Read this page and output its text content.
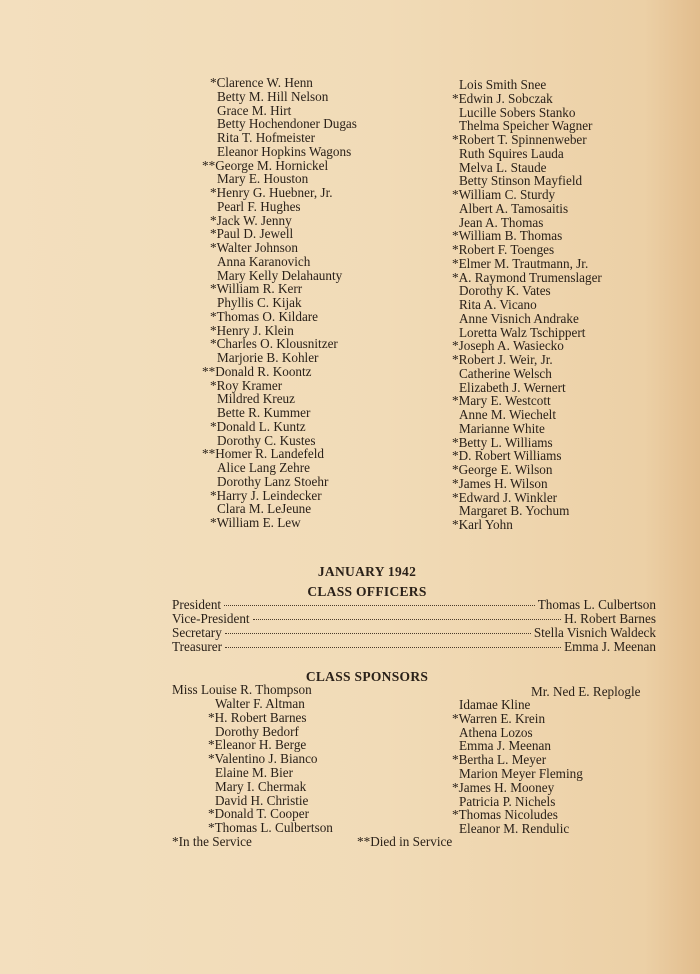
*Clarence W. Henn
Betty M. Hill Nelson
Grace M. Hirt
Betty Hochendoner Dugas
Rita T. Hofmeister
Eleanor Hopkins Wagons
**George M. Hornickel
Mary E. Houston
*Henry G. Huebner, Jr.
Pearl F. Hughes
*Jack W. Jenny
*Paul D. Jewell
*Walter Johnson
Anna Karanovich
Mary Kelly Delahaunty
*William R. Kerr
Phyllis C. Kijak
*Thomas O. Kildare
*Henry J. Klein
*Charles O. Klousnitzer
Marjorie B. Kohler
**Donald R. Koontz
*Roy Kramer
Mildred Kreuz
Bette R. Kummer
*Donald L. Kuntz
Dorothy C. Kustes
**Homer R. Landefeld
Alice Lang Zehre
Dorothy Lanz Stoehr
*Harry J. Leindecker
Clara M. LeJeune
*William E. Lew
Lois Smith Snee
*Edwin J. Sobczak
Lucille Sobers Stanko
Thelma Speicher Wagner
*Robert T. Spinnenweber
Ruth Squires Lauda
Melva L. Staude
Betty Stinson Mayfield
*William C. Sturdy
Albert A. Tamosaitis
Jean A. Thomas
*William B. Thomas
*Robert F. Toenges
*Elmer M. Trautmann, Jr.
*A. Raymond Trumenslager
Dorothy K. Vates
Rita A. Vicano
Anne Visnich Andrake
Loretta Walz Tschippert
*Joseph A. Wasiecko
*Robert J. Weir, Jr.
Catherine Welsch
Elizabeth J. Wernert
*Mary E. Westcott
Anne M. Wiechelt
Marianne White
*Betty L. Williams
*D. Robert Williams
*George E. Wilson
*James H. Wilson
*Edward J. Winkler
Margaret B. Yochum
*Karl Yohn
JANUARY 1942
CLASS OFFICERS
President	Thomas L. Culbertson
Vice-President	H. Robert Barnes
Secretary	Stella Visnich Waldeck
Treasurer	Emma J. Meenan
CLASS SPONSORS
Miss Louise R. Thompson	Mr. Ned E. Replogle
Walter F. Altman
*H. Robert Barnes
Dorothy Bedorf
*Eleanor H. Berge
*Valentino J. Bianco
Elaine M. Bier
Mary I. Chermak
David H. Christie
*Donald T. Cooper
*Thomas L. Culbertson
Idamae Kline
*Warren E. Krein
Athena Lozos
Emma J. Meenan
*Bertha L. Meyer
Marion Meyer Fleming
*James H. Mooney
Patricia P. Nichels
*Thomas Nicoludes
Eleanor M. Rendulic
*In the Service	**Died in Service
